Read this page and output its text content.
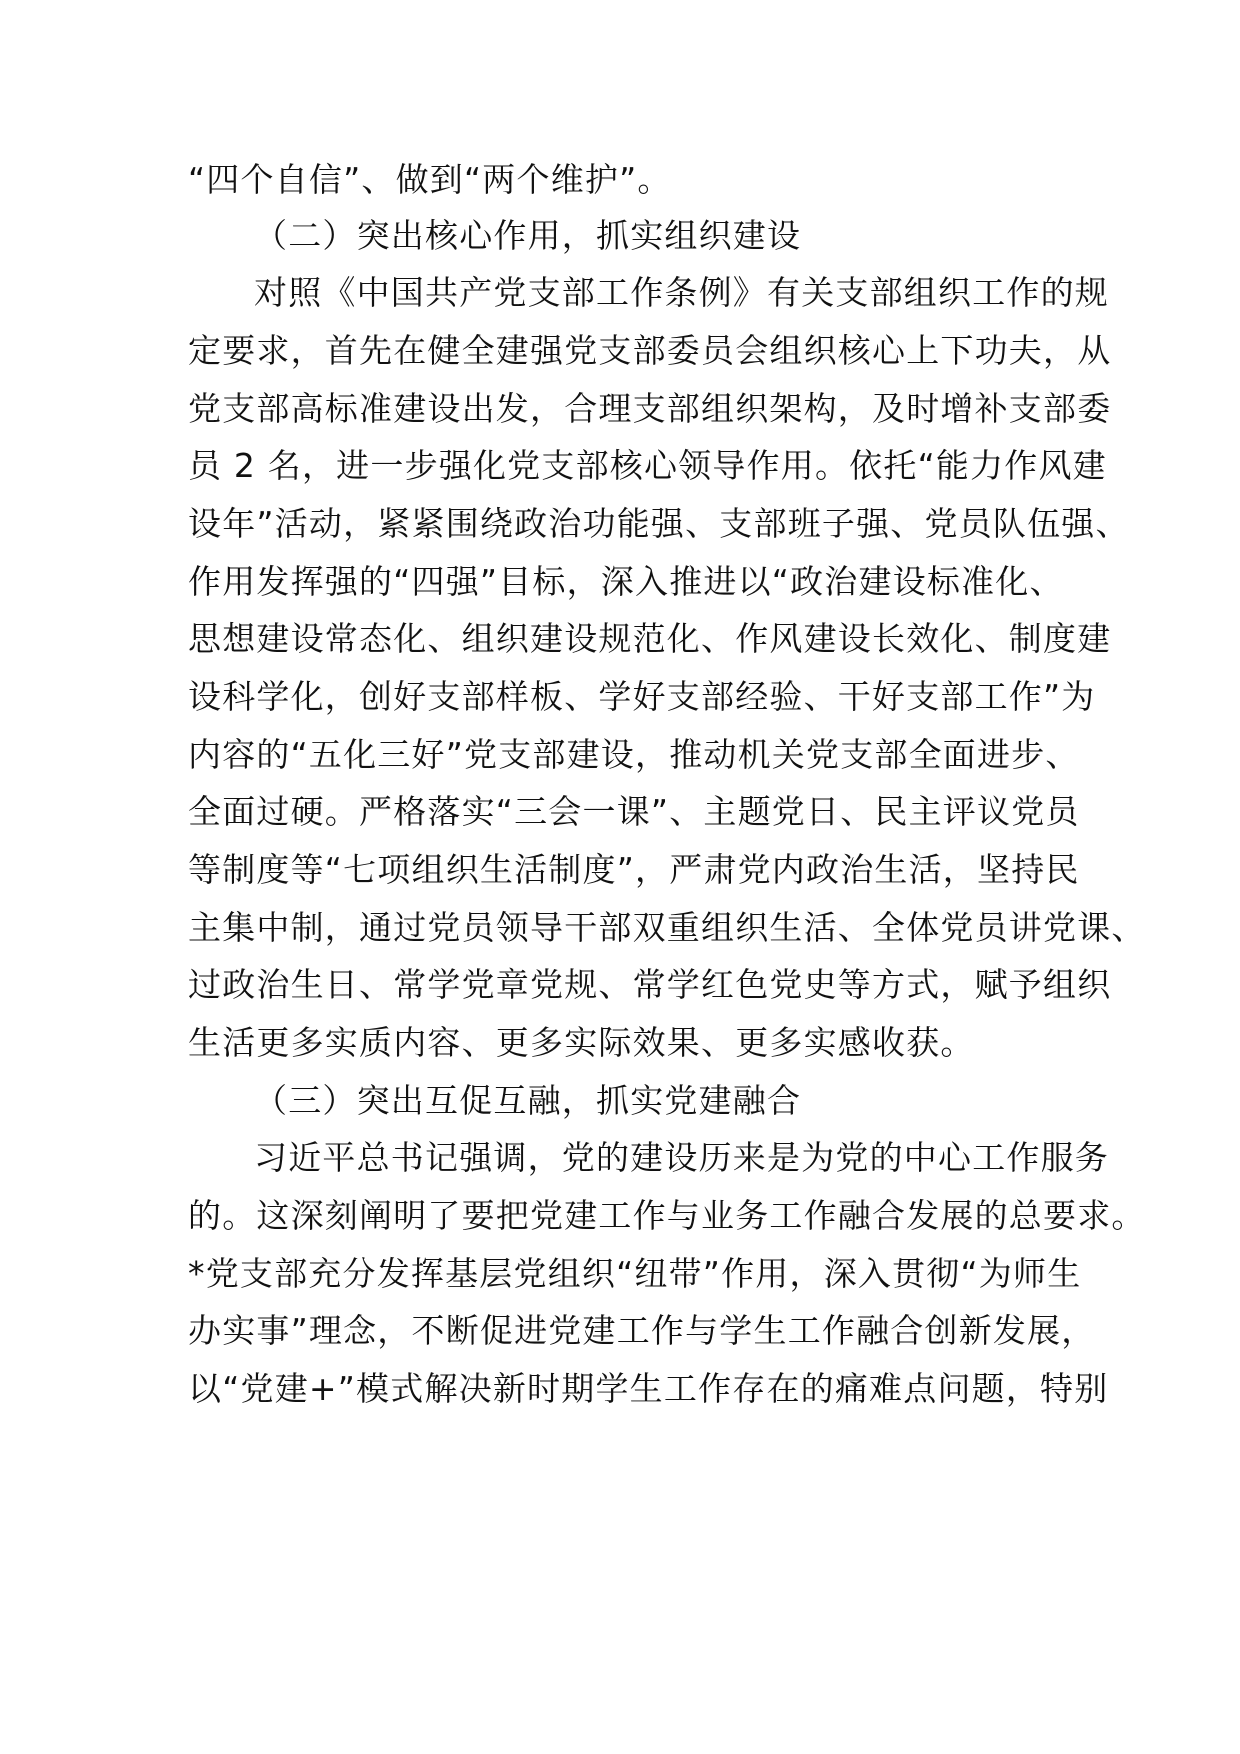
“四个自信”、做到“两个维护”。
（二）突出核心作用，抓实组织建设
对照《中国共产党支部工作条例》有关支部组织工作的规
定要求，首先在健全建强党支部委员会组织核心上下功夫，从
党支部高标准建设出发，合理支部组织架构，及时增补支部委
员 2 名，进一步强化党支部核心领导作用。依托“能力作风建
设年”活动，紧紧围绕政治功能强、支部班子强、党员队伍强、
作用发挥强的“四强”目标，深入推进以“政治建设标准化、
思想建设常态化、组织建设规范化、作风建设长效化、制度建
设科学化，创好支部样板、学好支部经验、干好支部工作”为
内容的“五化三好”党支部建设，推动机关党支部全面进步、
全面过硬。严格落实“三会一课”、主题党日、民主评议党员
等制度等“七项组织生活制度”，严肃党内政治生活，坚持民
主集中制，通过党员领导干部双重组织生活、全体党员讲党课、
过政治生日、常学党章党规、常学红色党史等方式，赋予组织
生活更多实质内容、更多实际效果、更多实感收获。
（三）突出互促互融，抓实党建融合
习近平总书记强调，党的建设历来是为党的中心工作服务
的。这深刻阐明了要把党建工作与业务工作融合发展的总要求。
*党支部充分发挥基层党组织“纽带”作用，深入贯彻“为师生
办实事”理念，不断促进党建工作与学生工作融合创新发展，
以“党建+”模式解决新时期学生工作存在的痛难点问题，特别
